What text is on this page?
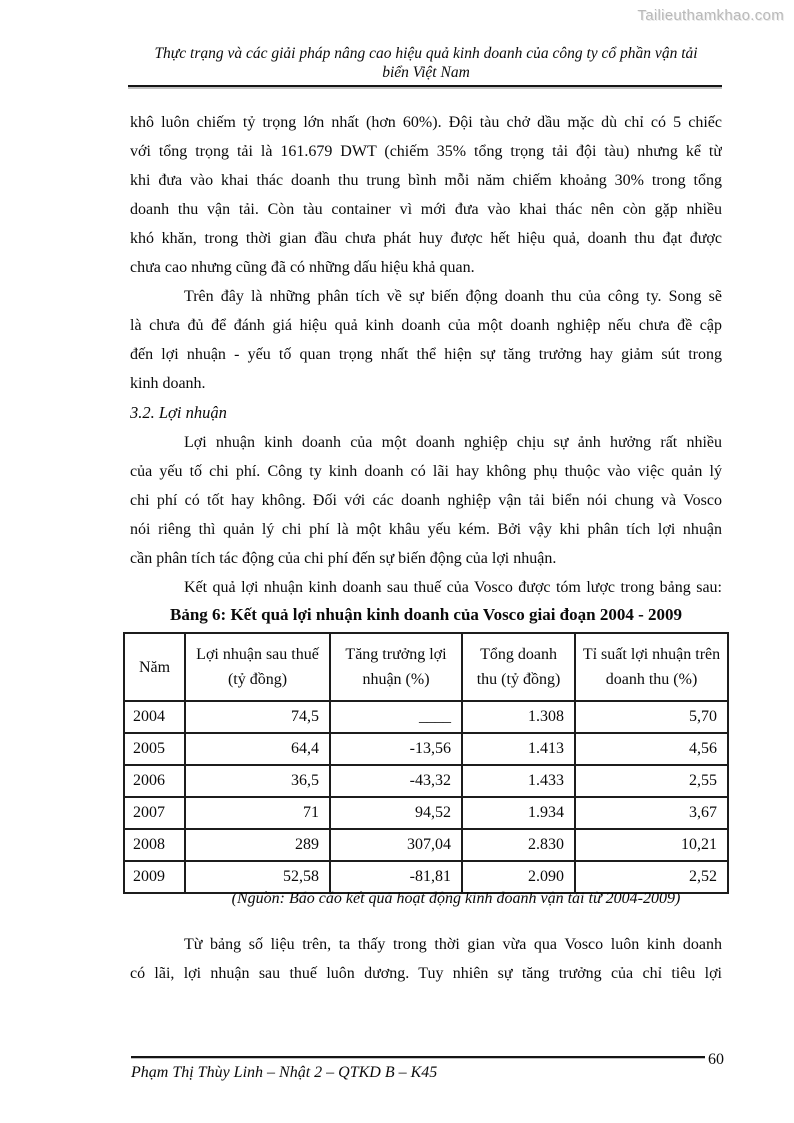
Tailieuthamkhao.com
Thực trạng và các giải pháp nâng cao hiệu quả kinh doanh của công ty cổ phần vận tải
biển Việt Nam
khô luôn chiếm tỷ trọng lớn nhất (hơn 60%). Đội tàu chở dầu mặc dù chỉ có 5 chiếc
với tổng trọng tải là 161.679 DWT (chiếm 35% tổng trọng tải đội tàu) nhưng kể từ
khi đưa vào khai thác doanh thu trung bình mỗi năm chiếm khoảng 30% trong tổng
doanh thu vận tải. Còn tàu container vì mới đưa vào khai thác nên còn gặp nhiều
khó khăn, trong thời gian đầu chưa phát huy được hết hiệu quả, doanh thu đạt được
chưa cao nhưng cũng đã có những dấu hiệu khả quan.
Trên đây là những phân tích về sự biến động doanh thu của công ty. Song sẽ
là chưa đủ để đánh giá hiệu quả kinh doanh của một doanh nghiệp nếu chưa đề cập
đến lợi nhuận - yếu tố quan trọng nhất thể hiện sự tăng trưởng hay giảm sút trong
kinh doanh.
3.2. Lợi nhuận
Lợi nhuận kinh doanh của một doanh nghiệp chịu sự ảnh hưởng rất nhiều
của yếu tố chi phí. Công ty kinh doanh có lãi hay không phụ thuộc vào việc quản lý
chi phí có tốt hay không. Đối với các doanh nghiệp vận tải biển nói chung và Vosco
nói riêng thì quản lý chi phí là một khâu yếu kém. Bởi vậy khi phân tích lợi nhuận
cần phân tích tác động của chi phí đến sự biến động của lợi nhuận.
Kết quả lợi nhuận kinh doanh sau thuế của Vosco được tóm lược trong bảng sau:
Bảng 6: Kết quả lợi nhuận kinh doanh của Vosco giai đoạn 2004 - 2009
Năm	Lợi nhuận sau thuế (tỷ đồng)	Tăng trưởng lợi nhuận (%)	Tổng doanh thu (tỷ đồng)	Tỉ suất lợi nhuận trên doanh thu (%)
2004	74,5	____	1.308	5,70
2005	64,4	-13,56	1.413	4,56
2006	36,5	-43,32	1.433	2,55
2007	71	94,52	1.934	3,67
2008	289	307,04	2.830	10,21
2009	52,58	-81,81	2.090	2,52
(Nguồn: Báo cáo kết quả hoạt động kinh doanh vận tải từ 2004-2009)
Từ bảng số liệu trên, ta thấy trong thời gian vừa qua Vosco luôn kinh doanh
có lãi, lợi nhuận sau thuế luôn dương. Tuy nhiên sự tăng trưởng của chỉ tiêu lợi
Phạm Thị Thùy Linh – Nhật 2 – QTKD B – K45
60
